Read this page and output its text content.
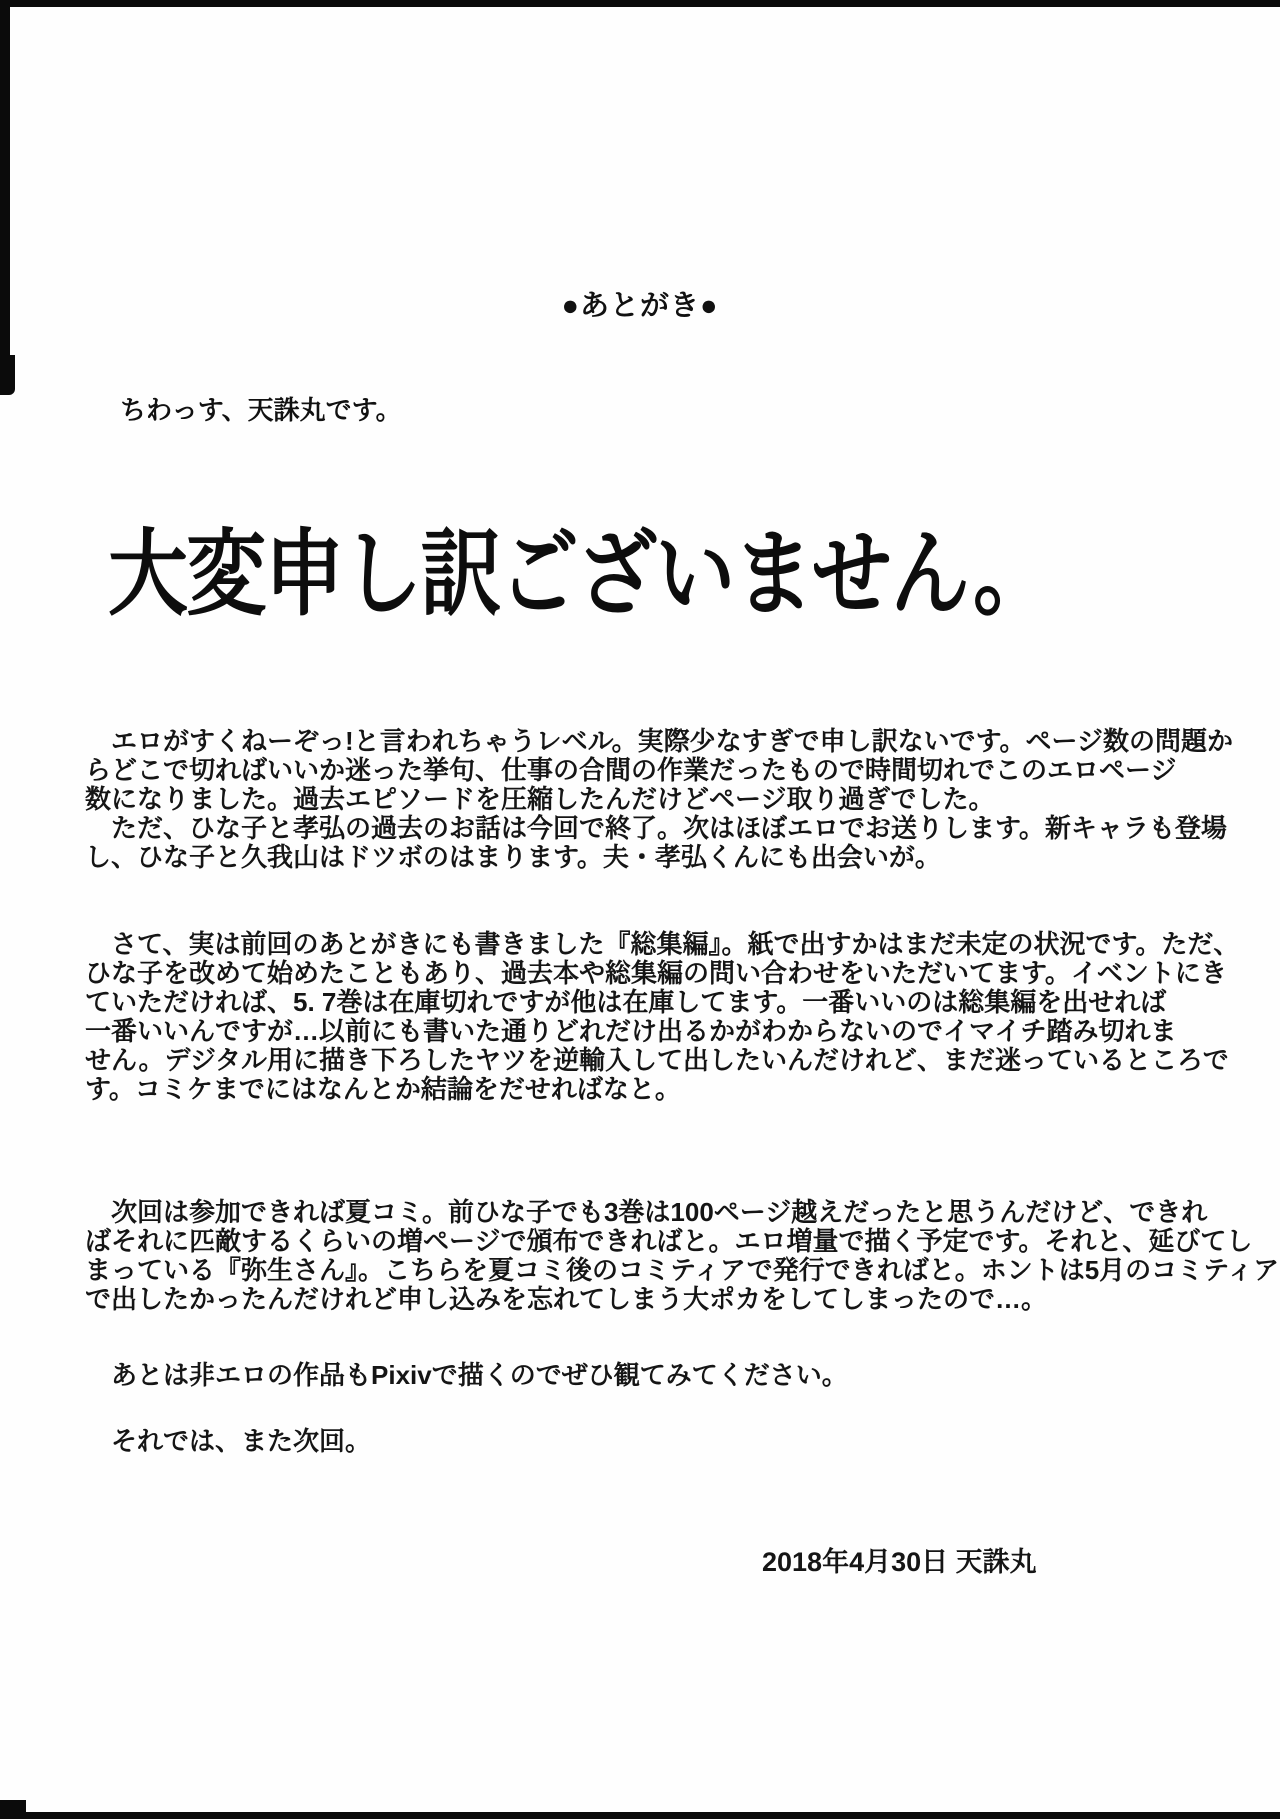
●あとがき●
ちわっす、天誅丸です。
大変申し訳ございません。
　エロがすくねーぞっ!と言われちゃうレベル。実際少なすぎで申し訳ないです。ページ数の問題か
らどこで切ればいいか迷った挙句、仕事の合間の作業だったもので時間切れでこのエロページ
数になりました。過去エピソードを圧縮したんだけどページ取り過ぎでした。
　ただ、ひな子と孝弘の過去のお話は今回で終了。次はほぼエロでお送りします。新キャラも登場
し、ひな子と久我山はドツボのはまります。夫・孝弘くんにも出会いが。
　さて、実は前回のあとがきにも書きました『総集編』。紙で出すかはまだ未定の状況です。ただ、
ひな子を改めて始めたこともあり、過去本や総集編の問い合わせをいただいてます。イベントにき
ていただければ、5. 7巻は在庫切れですが他は在庫してます。一番いいのは総集編を出せれば
一番いいんですが…以前にも書いた通りどれだけ出るかがわからないのでイマイチ踏み切れま
せん。デジタル用に描き下ろしたヤツを逆輸入して出したいんだけれど、まだ迷っているところで
す。コミケまでにはなんとか結論をだせればなと。
　次回は参加できれば夏コミ。前ひな子でも3巻は100ページ越えだったと思うんだけど、できれ
ばそれに匹敵するくらいの増ページで頒布できればと。エロ増量で描く予定です。それと、延びてし
まっている『弥生さん』。こちらを夏コミ後のコミティアで発行できればと。ホントは5月のコミティア
で出したかったんだけれど申し込みを忘れてしまう大ポカをしてしまったので…。
　あとは非エロの作品もPixivで描くのでぜひ観てみてください。
　それでは、また次回。
2018年4月30日 天誅丸
